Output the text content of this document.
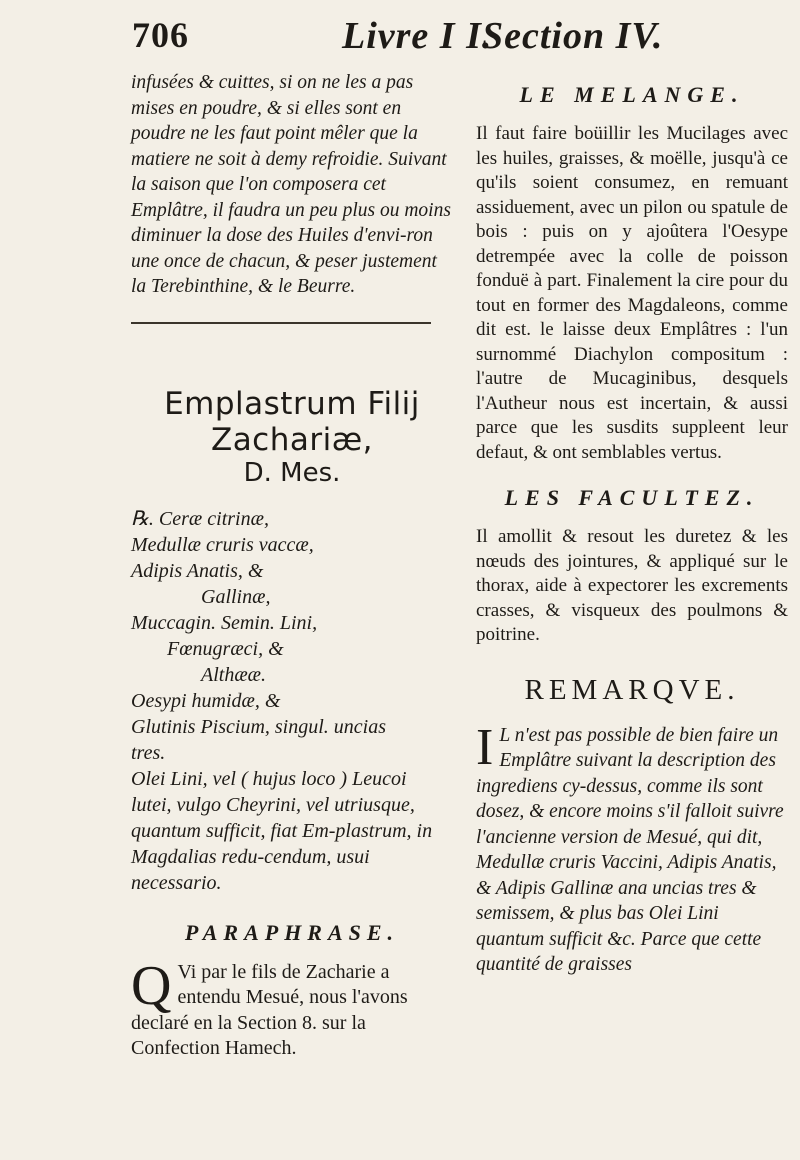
706	Livre I I.
Section IV.

infusées & cuittes, si on ne les a pas mises en poudre, & si elles sont en poudre ne les faut point mêler que la matiere ne soit à demy refroidie. Suivant la saison que l'on composera cet Emplâtre, il faudra un peu plus ou moins diminuer la dose des Huiles d'envi-ron une once de chacun, & peser justement la Terebinthine, & le Beurre.

Emplastrum Filij Zachariæ,
D. Mes.
℞. Ceræ citrinæ,
Medullæ cruris vaccæ,
Adipis Anatis, &
Gallinæ,
Muccagin. Semin. Lini,
Fœnugræci, &
Althææ.
Oesypi humidæ, &
Glutinis Piscium, singul. uncias
tres.
Olei Lini, vel ( hujus loco ) Leucoi
lutei, vulgo Cheyrini, vel utriusque, quantum sufficit, fiat Em-plastrum, in Magdalias redu-cendum, usui necessario.
PARAPHRASE.

Q Vi par le fils de Zacharie a entendu Mesué, nous l'avons declaré en la Section 8. sur la Confection Hamech.

LE MELANGE.

Il faut faire boüillir les Mucilages avec les huiles, graisses, & moëlle, jusqu'à ce qu'ils soient consumez, en remuant assiduement, avec un pilon ou spatule de bois : puis on y ajoûtera l'Oesype detrempée avec la colle de poisson fonduë à part. Finalement la cire pour du tout en former des Magdaleons, comme dit est. le laisse deux Emplâtres : l'un surnommé Diachylon compositum : l'autre de Mucaginibus, desquels l'Autheur nous est incertain, & aussi parce que les susdits suppleent leur defaut, & ont semblables vertus.

LES FACULTEZ.

Il amollit & resout les duretez & les nœuds des jointures, & appliqué sur le thorax, aide à expectorer les excrements crasses, & visqueux des poulmons & poitrine.

REMARQVE.

I L n'est pas possible de bien faire un Emplâtre suivant la description des ingrediens cy-dessus, comme ils sont dosez, & encore moins s'il falloit suivre l'ancienne version de Mesué, qui dit, Medullæ cruris Vaccini, Adipis Anatis, & Adipis Gallinæ ana uncias tres & semissem, & plus bas Olei Lini quantum sufficit &c. Parce que cette quantité de graisses
